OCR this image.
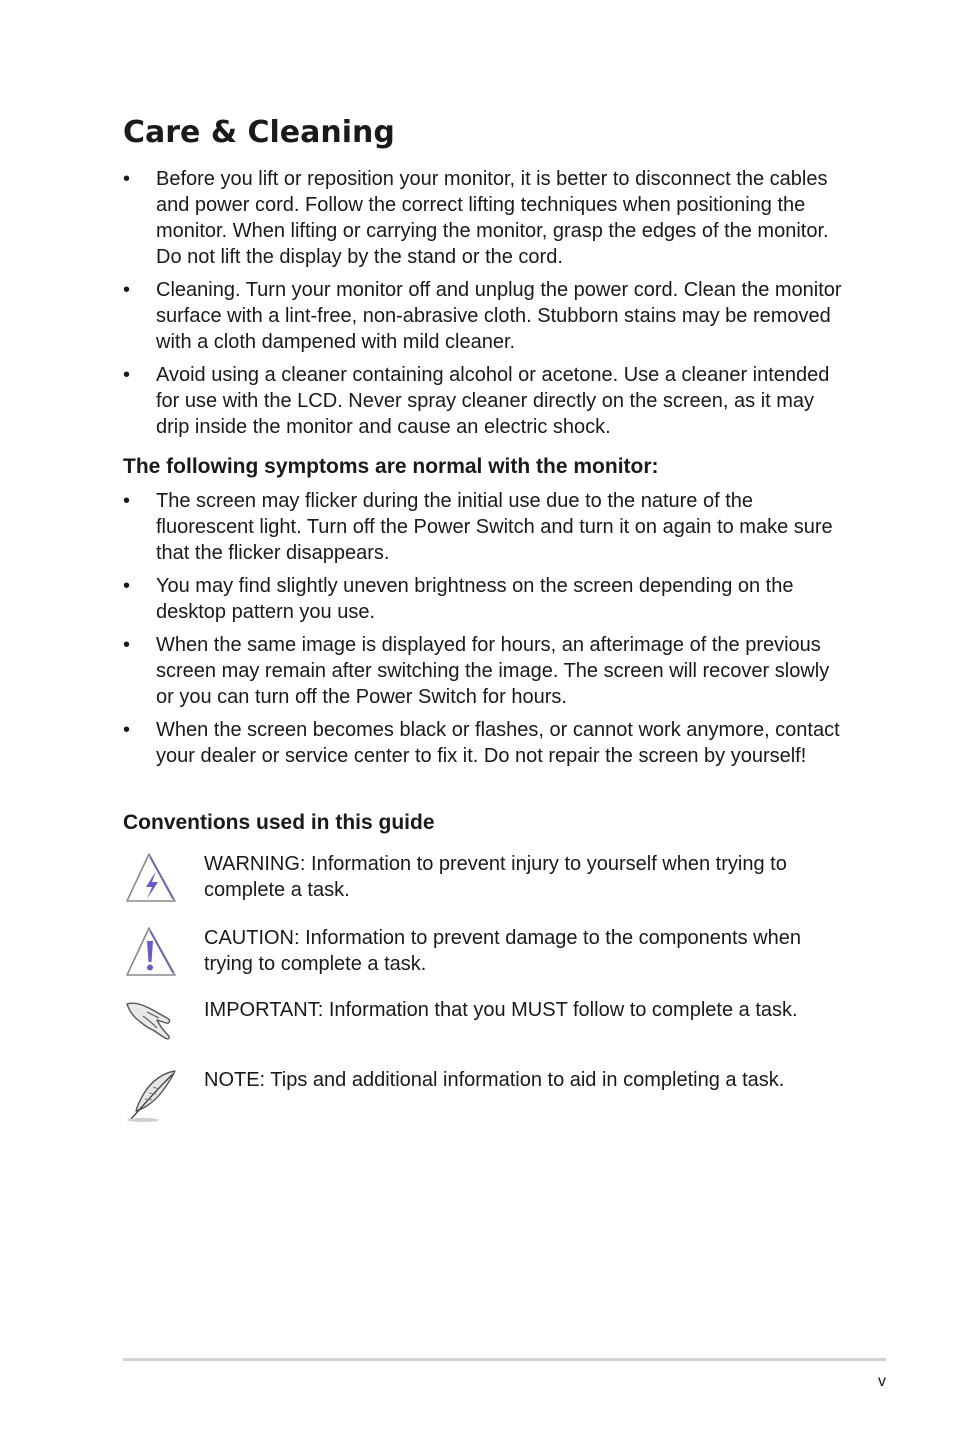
Care & Cleaning
• Before you lift or reposition your monitor, it is better to disconnect the cables and power cord. Follow the correct lifting techniques when positioning the monitor. When lifting or carrying the monitor, grasp the edges of the monitor. Do not lift the display by the stand or the cord.
• Cleaning. Turn your monitor off and unplug the power cord. Clean the monitor surface with a lint-free, non-abrasive cloth. Stubborn stains may be removed with a cloth dampened with mild cleaner.
• Avoid using a cleaner containing alcohol or acetone. Use a cleaner intended for use with the LCD. Never spray cleaner directly on the screen, as it may drip inside the monitor and cause an electric shock.
The following symptoms are normal with the monitor:
• The screen may flicker during the initial use due to the nature of the fluorescent light. Turn off the Power Switch and turn it on again to make sure that the flicker disappears.
• You may find slightly uneven brightness on the screen depending on the desktop pattern you use.
• When the same image is displayed for hours, an afterimage of the previous screen may remain after switching the image. The screen will recover slowly or you can turn off the Power Switch for hours.
• When the screen becomes black or flashes, or cannot work anymore, contact your dealer or service center to fix it. Do not repair the screen by yourself!
Conventions used in this guide
WARNING: Information to prevent injury to yourself when trying to complete a task.
CAUTION: Information to prevent damage to the components when trying to complete a task.
IMPORTANT: Information that you MUST follow to complete a task.
NOTE: Tips and additional information to aid in completing a task.
v
